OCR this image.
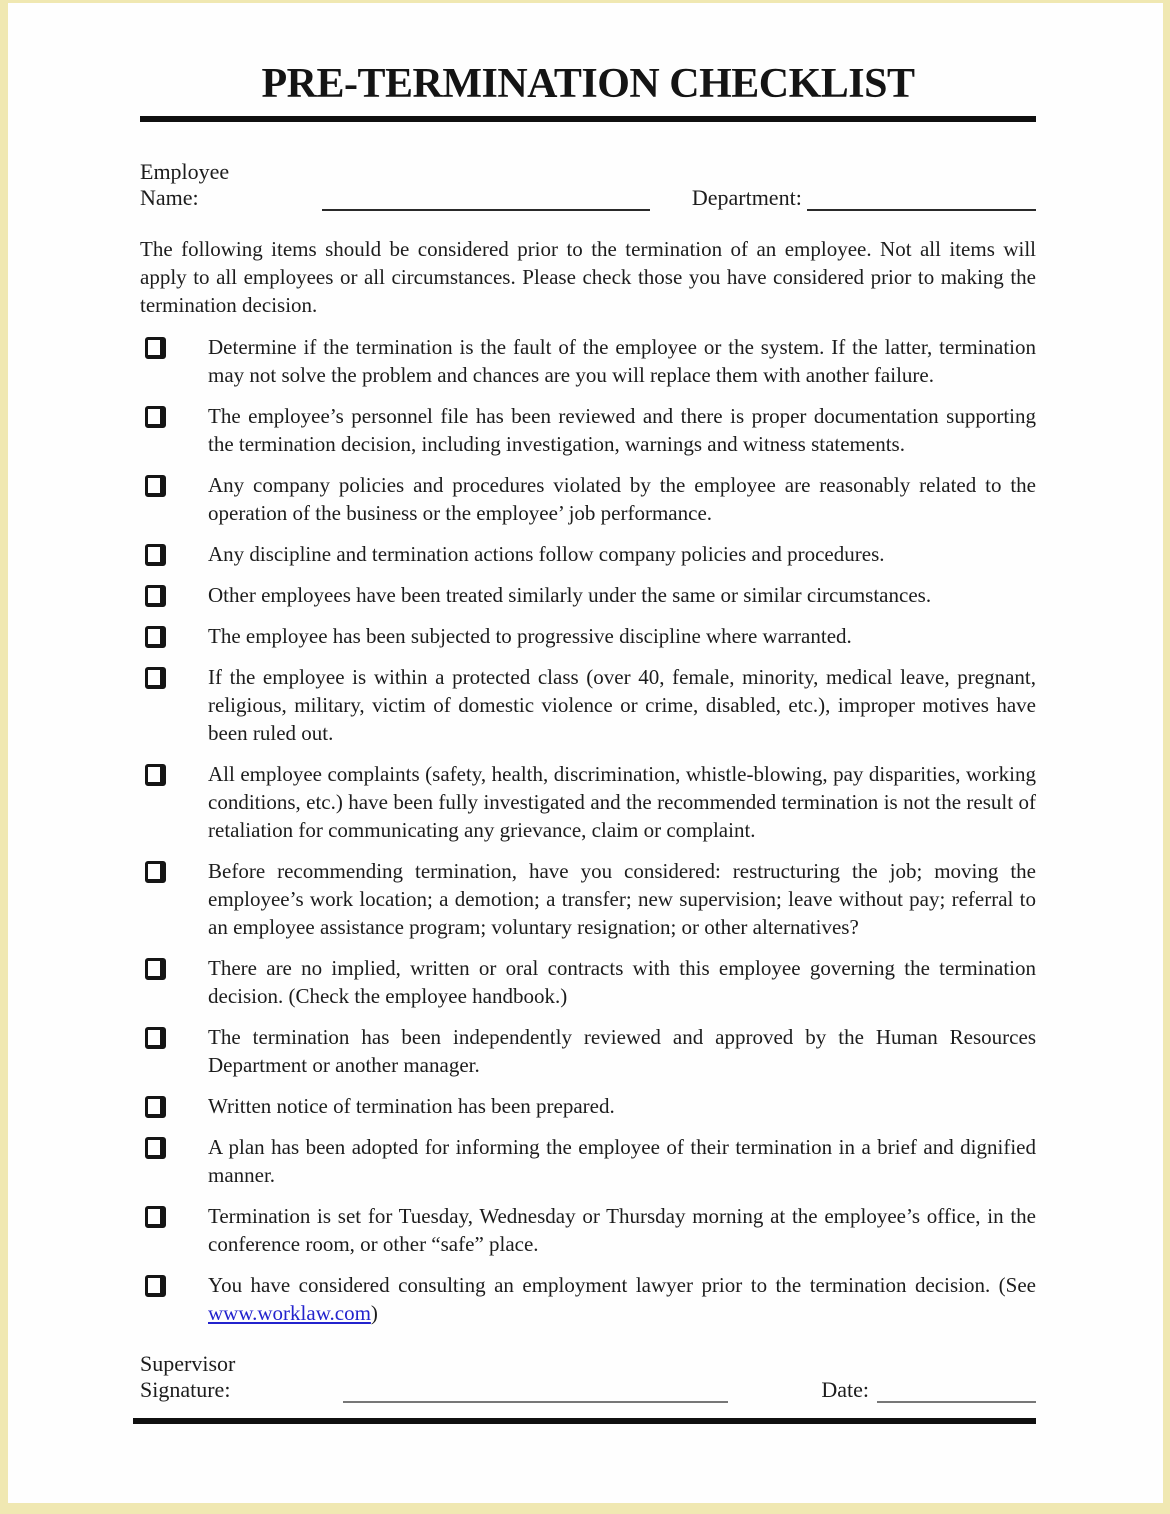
PRE-TERMINATION CHECKLIST
Employee Name:	Department:

The following items should be considered prior to the termination of an employee. Not all items will apply to all employees or all circumstances. Please check those you have considered prior to making the termination decision.

Determine if the termination is the fault of the employee or the system. If the latter, termination may not solve the problem and chances are you will replace them with another failure.

The employee’s personnel file has been reviewed and there is proper documentation supporting the termination decision, including investigation, warnings and witness statements.

Any company policies and procedures violated by the employee are reasonably related to the operation of the business or the employee’ job performance.

Any discipline and termination actions follow company policies and procedures.

Other employees have been treated similarly under the same or similar circumstances.

The employee has been subjected to progressive discipline where warranted.

If the employee is within a protected class (over 40, female, minority, medical leave, pregnant, religious, military, victim of domestic violence or crime, disabled, etc.), improper motives have been ruled out.

All employee complaints (safety, health, discrimination, whistle-blowing, pay disparities, working conditions, etc.) have been fully investigated and the recommended termination is not the result of retaliation for communicating any grievance, claim or complaint.

Before recommending termination, have you considered: restructuring the job; moving the employee’s work location; a demotion; a transfer; new supervision; leave without pay; referral to an employee assistance program; voluntary resignation; or other alternatives?

There are no implied, written or oral contracts with this employee governing the termination decision. (Check the employee handbook.)

The termination has been independently reviewed and approved by the Human Resources Department or another manager.

Written notice of termination has been prepared.

A plan has been adopted for informing the employee of their termination in a brief and dignified manner.

Termination is set for Tuesday, Wednesday or Thursday morning at the employee’s office, in the conference room, or other “safe” place.

You have considered consulting an employment lawyer prior to the termination decision. (See www.worklaw.com)

Supervisor Signature:	Date:
